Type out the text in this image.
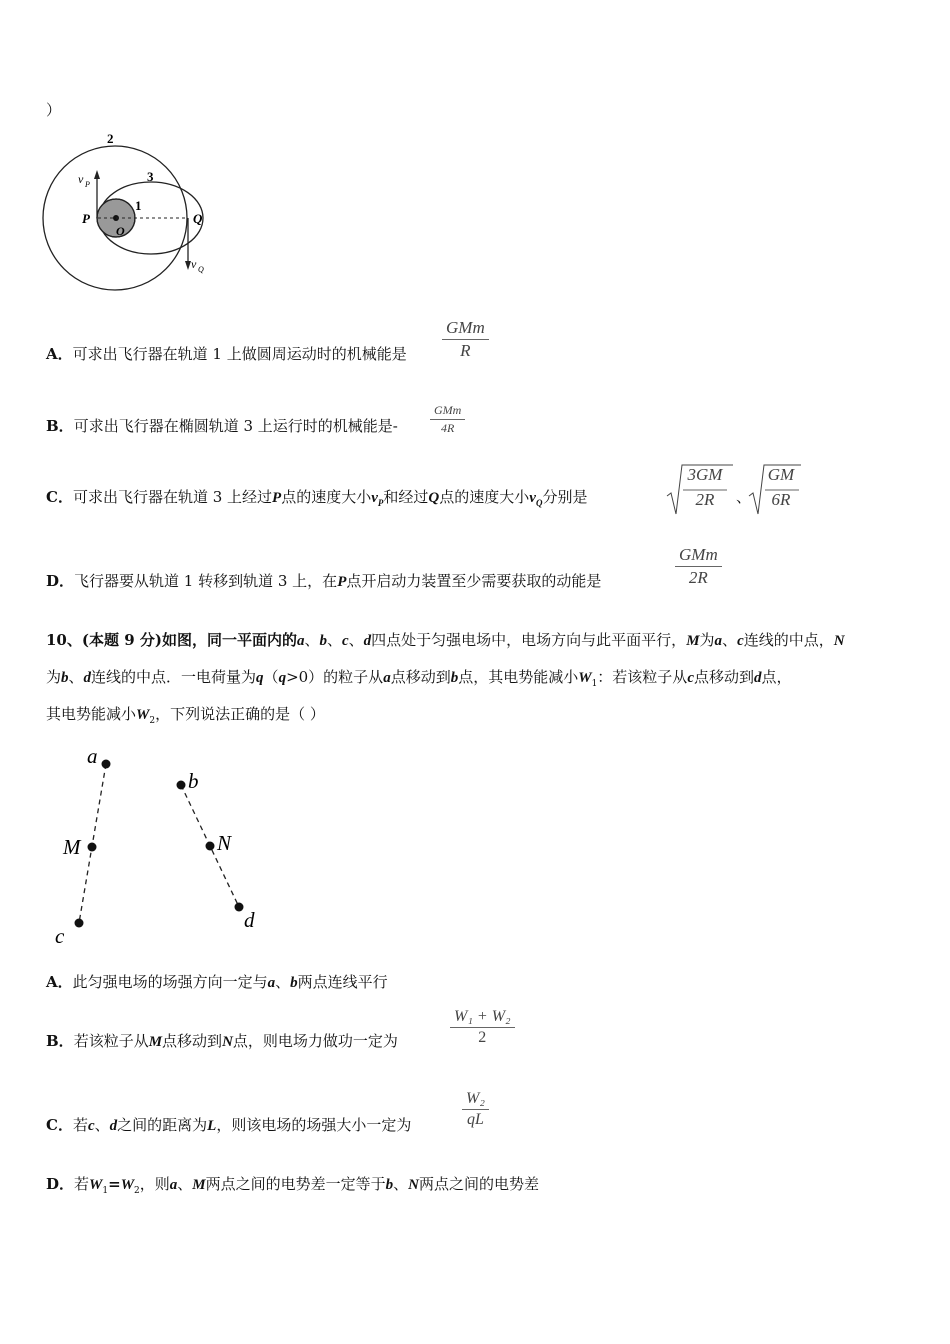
）
2
3
1
P	Q
O
v P
v Q
A．可求出飞行器在轨道 1 上做圆周运动时的机械能是
GMm
R
B．可求出飞行器在椭圆轨道 3 上运行时的机械能是-
GMm
4R
C．可求出飞行器在轨道 3 上经过P点的速度大小$v_P$和经过Q点的速度大小$v_Q$分别是
3GM
2R	、
GM
6R
D．飞行器要从轨道 1 转移到轨道 3 上，在P点开启动力装置至少需要获取的动能是
GMm
2R
10、(本题 9 分)如图，同一平面内的a、b、c、d四点处于匀强电场中，电场方向与此平面平行，M为a、c连线的中点，N
为b、d连线的中点．一电荷量为q（q>0）的粒子从a点移动到b点，其电势能减小$W_1$：若该粒子从c点移动到d点，
其电势能减小$W_2$，下列说法正确的是（ ）
a
M
c
b
N
d
A．此匀强电场的场强方向一定与a、b两点连线平行
B．若该粒子从M点移动到N点，则电场力做功一定为	$\frac{\text{W₁ + W₂}}{2}$
C．若c、d之间的距离为L，则该电场的场强大小一定为	$\frac{\text{W₂}}{qL}$
D．若$W_1=W_2$，则a、M两点之间的电势差一定等于b、N两点之间的电势差
